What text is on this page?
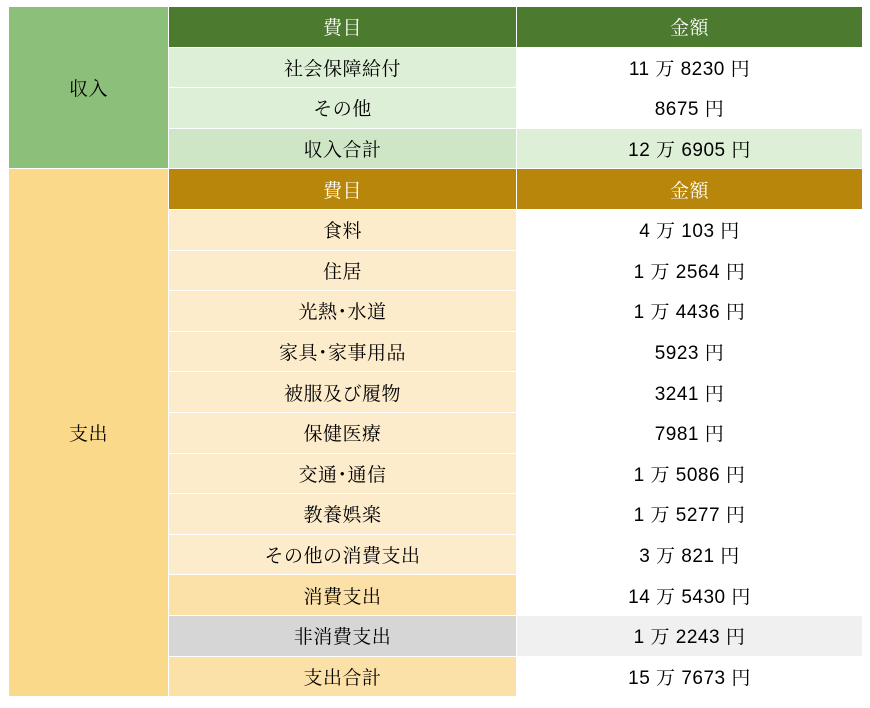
収入	費目	金額
	社会保障給付	11 万 8230 円
	その他	8675 円
	収入合計	12 万 6905 円
支出	費目	金額
	食料	4 万 103 円
	住居	1 万 2564 円
	光熱･水道	1 万 4436 円
	家具･家事用品	5923 円
	被服及び履物	3241 円
	保健医療	7981 円
	交通･通信	1 万 5086 円
	教養娯楽	1 万 5277 円
	その他の消費支出	3 万 821 円
	消費支出	14 万 5430 円
	非消費支出	1 万 2243 円
	支出合計	15 万 7673 円
